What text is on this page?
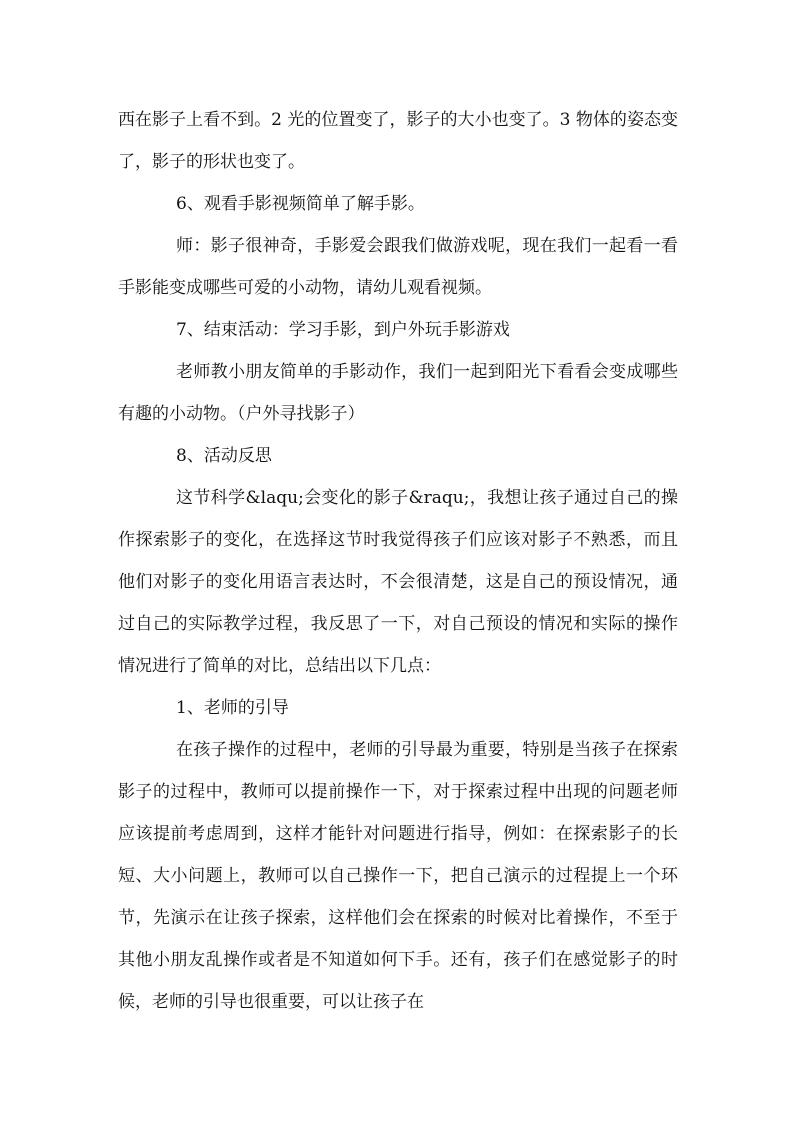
西在影子上看不到。2 光的位置变了，影子的大小也变了。3 物体的姿态变了，影子的形状也变了。

6、观看手影视频简单了解手影。

师：影子很神奇，手影爱会跟我们做游戏呢，现在我们一起看一看手影能变成哪些可爱的小动物，请幼儿观看视频。

7、结束活动：学习手影，到户外玩手影游戏

老师教小朋友简单的手影动作，我们一起到阳光下看看会变成哪些有趣的小动物。（户外寻找影子）

8、活动反思

这节科学&laqu;会变化的影子&raqu;，我想让孩子通过自己的操作探索影子的变化，在选择这节时我觉得孩子们应该对影子不熟悉，而且他们对影子的变化用语言表达时，不会很清楚，这是自己的预设情况，通过自己的实际教学过程，我反思了一下，对自己预设的情况和实际的操作情况进行了简单的对比，总结出以下几点：

1、老师的引导

在孩子操作的过程中，老师的引导最为重要，特别是当孩子在探索影子的过程中，教师可以提前操作一下，对于探索过程中出现的问题老师应该提前考虑周到，这样才能针对问题进行指导，例如：在探索影子的长短、大小问题上，教师可以自己操作一下，把自己演示的过程提上一个环节，先演示在让孩子探索，这样他们会在探索的时候对比着操作，不至于其他小朋友乱操作或者是不知道如何下手。还有，孩子们在感觉影子的时候，老师的引导也很重要，可以让孩子在
